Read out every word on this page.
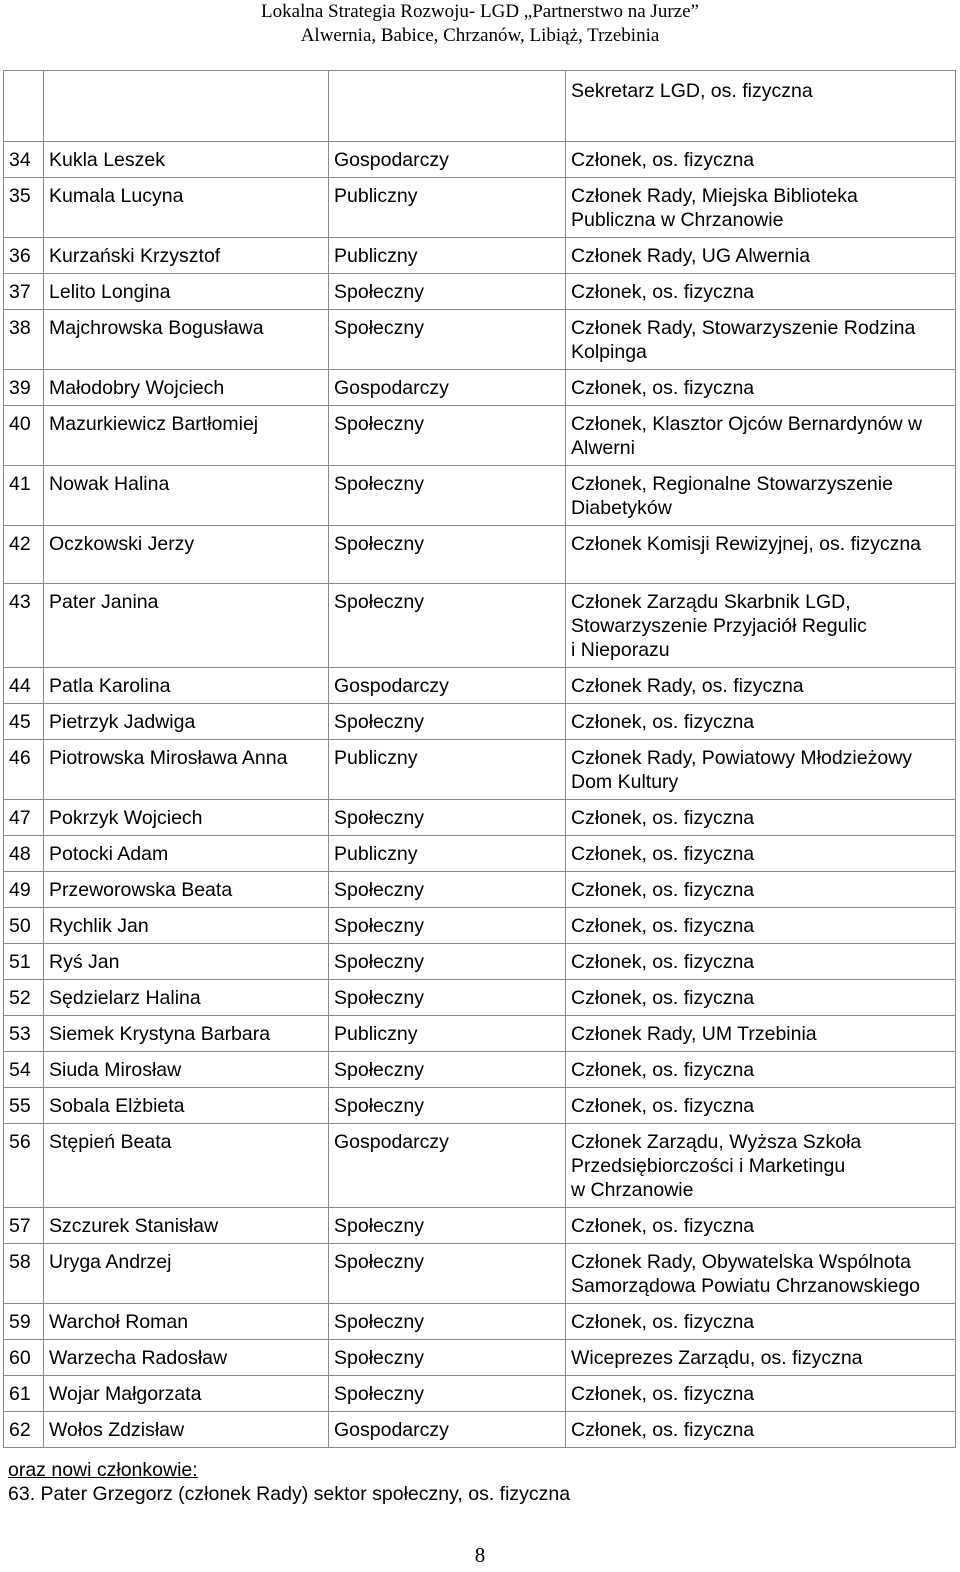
Lokalna Strategia Rozwoju- LGD „Partnerstwo na Jurze”
Alwernia, Babice, Chrzanów, Libiąż, Trzebinia
			Sekretarz LGD, os. fizyczna
34	Kukla Leszek	Gospodarczy	Członek, os. fizyczna
35	Kumala Lucyna	Publiczny	Członek Rady, Miejska Biblioteka
Publiczna w Chrzanowie
36	Kurzański Krzysztof	Publiczny	Członek Rady, UG Alwernia
37	Lelito Longina	Społeczny	Członek, os. fizyczna
38	Majchrowska Bogusława	Społeczny	Członek Rady, Stowarzyszenie Rodzina
Kolpinga
39	Małodobry Wojciech	Gospodarczy	Członek, os. fizyczna
40	Mazurkiewicz Bartłomiej	Społeczny	Członek, Klasztor Ojców Bernardynów w
Alwerni
41	Nowak Halina	Społeczny	Członek, Regionalne Stowarzyszenie
Diabetyków
42	Oczkowski Jerzy	Społeczny	Członek Komisji Rewizyjnej, os. fizyczna
43	Pater Janina	Społeczny	Członek Zarządu Skarbnik LGD,
Stowarzyszenie Przyjaciół Regulic
i Nieporazu
44	Patla Karolina	Gospodarczy	Członek Rady, os. fizyczna
45	Pietrzyk Jadwiga	Społeczny	Członek, os. fizyczna
46	Piotrowska Mirosława Anna	Publiczny	Członek Rady, Powiatowy Młodzieżowy
Dom Kultury
47	Pokrzyk Wojciech	Społeczny	Członek, os. fizyczna
48	Potocki Adam	Publiczny	Członek, os. fizyczna
49	Przeworowska Beata	Społeczny	Członek, os. fizyczna
50	Rychlik Jan	Społeczny	Członek, os. fizyczna
51	Ryś Jan	Społeczny	Członek, os. fizyczna
52	Sędzielarz Halina	Społeczny	Członek, os. fizyczna
53	Siemek Krystyna Barbara	Publiczny	Członek Rady, UM Trzebinia
54	Siuda Mirosław	Społeczny	Członek, os. fizyczna
55	Sobala Elżbieta	Społeczny	Członek, os. fizyczna
56	Stępień Beata	Gospodarczy	Członek Zarządu, Wyższa Szkoła
Przedsiębiorczości i Marketingu
w Chrzanowie
57	Szczurek Stanisław	Społeczny	Członek, os. fizyczna
58	Uryga Andrzej	Społeczny	Członek Rady, Obywatelska Wspólnota
Samorządowa Powiatu Chrzanowskiego
59	Warchoł Roman	Społeczny	Członek, os. fizyczna
60	Warzecha Radosław	Społeczny	Wiceprezes Zarządu, os. fizyczna
61	Wojar Małgorzata	Społeczny	Członek, os. fizyczna
62	Wołos Zdzisław	Gospodarczy	Członek, os. fizyczna
oraz nowi członkowie:
63. Pater Grzegorz (członek Rady) sektor społeczny, os. fizyczna
8
